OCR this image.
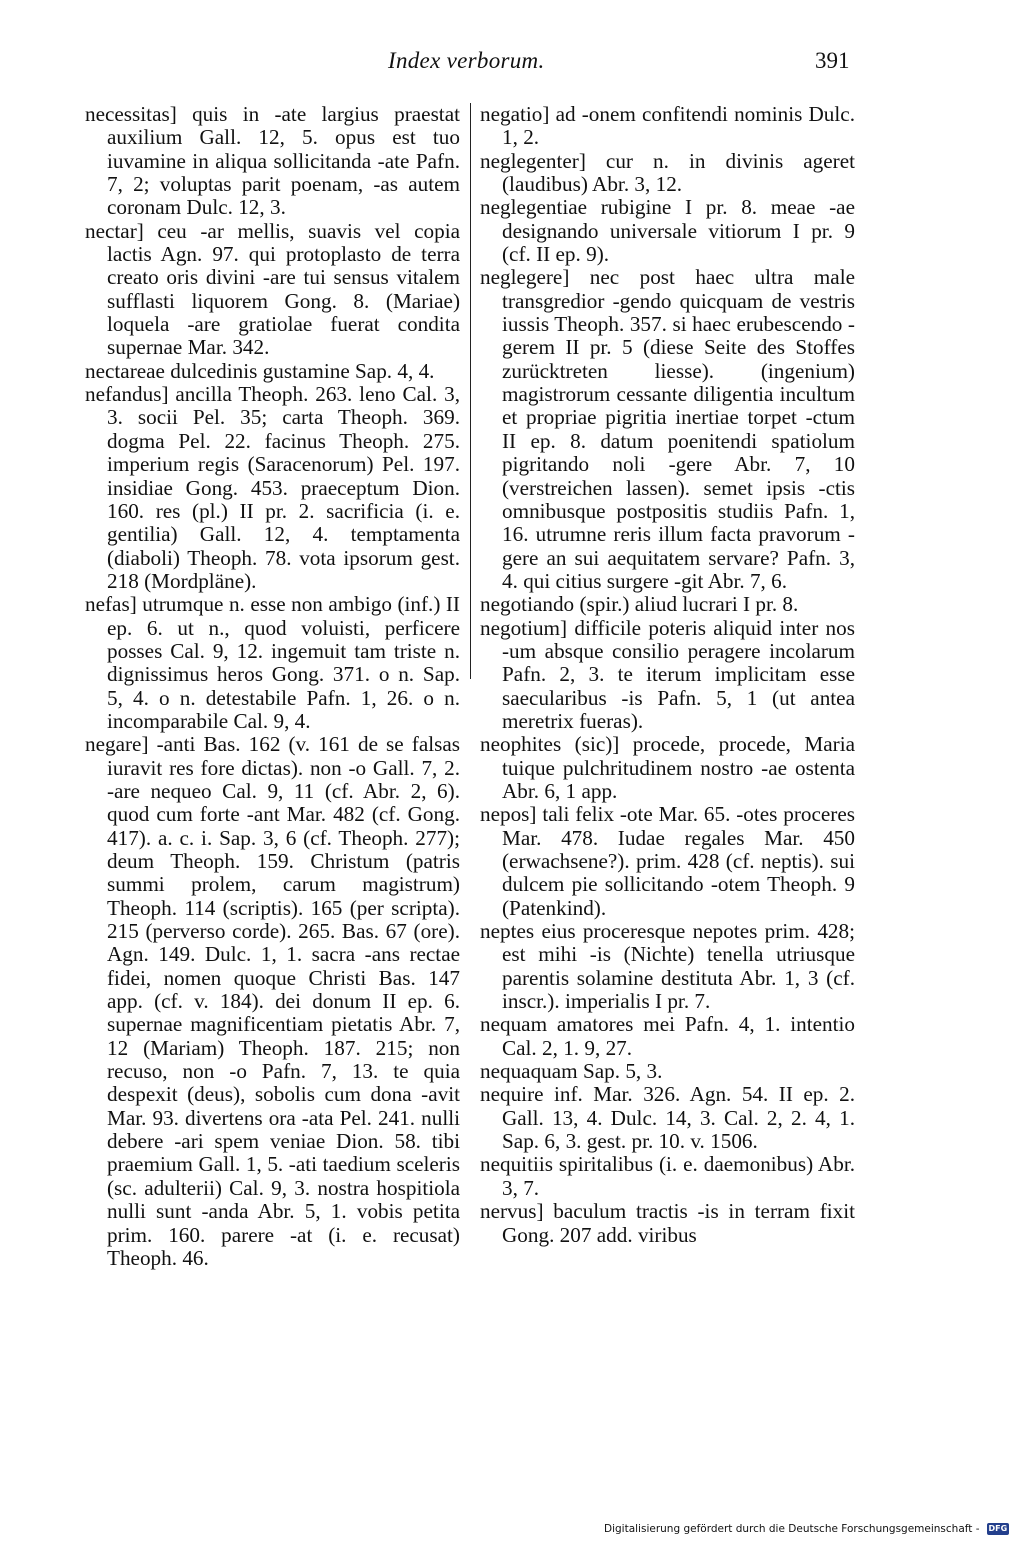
Index verborum.	391

necessitas] quis in -ate largius praestat auxilium Gall. 12, 5. opus est tuo iuvamine in aliqua sollicitanda -ate Pafn. 7, 2; voluptas parit poenam, -as autem coronam Dulc. 12, 3.

nectar] ceu -ar mellis, suavis vel copia lactis Agn. 97. qui protoplasto de terra creato oris divini -are tui sensus vitalem sufflasti liquorem Gong. 8. (Mariae) loquela -are gratiolae fuerat condita supernae Mar. 342.

nectareae dulcedinis gustamine Sap. 4, 4.

nefandus] ancilla Theoph. 263. leno Cal. 3, 3. socii Pel. 35; carta Theoph. 369. dogma Pel. 22. facinus Theoph. 275. imperium regis (Saracenorum) Pel. 197. insidiae Gong. 453. praeceptum Dion. 160. res (pl.) II pr. 2. sacrificia (i. e. gentilia) Gall. 12, 4. temptamenta (diaboli) Theoph. 78. vota ipsorum gest. 218 (Mordpläne).

nefas] utrumque n. esse non ambigo (inf.) II ep. 6. ut n., quod voluisti, perficere posses Cal. 9, 12. ingemuit tam triste n. dignissimus heros Gong. 371. o n. Sap. 5, 4. o n. detestabile Pafn. 1, 26. o n. incomparabile Cal. 9, 4.

negare] -anti Bas. 162 (v. 161 de se falsas iuravit res fore dictas). non -o Gall. 7, 2. -are nequeo Cal. 9, 11 (cf. Abr. 2, 6). quod cum forte -ant Mar. 482 (cf. Gong. 417). a. c. i. Sap. 3, 6 (cf. Theoph. 277); deum Theoph. 159. Christum (patris summi prolem, carum magistrum) Theoph. 114 (scriptis). 165 (per scripta). 215 (perverso corde). 265. Bas. 67 (ore). Agn. 149. Dulc. 1, 1. sacra -ans rectae fidei, nomen quoque Christi Bas. 147 app. (cf. v. 184). dei donum II ep. 6. supernae magnificentiam pietatis Abr. 7, 12 (Mariam) Theoph. 187. 215; non recuso, non -o Pafn. 7, 13. te quia despexit (deus), sobolis cum dona -avit Mar. 93. divertens ora -ata Pel. 241. nulli debere -ari spem veniae Dion. 58. tibi praemium Gall. 1, 5. -ati taedium sceleris (sc. adulterii) Cal. 9, 3. nostra hospitiola nulli sunt -anda Abr. 5, 1. vobis petita prim. 160. parere -at (i. e. recusat) Theoph. 46.

negatio] ad -onem confitendi nominis Dulc. 1, 2.

neglegenter] cur n. in divinis ageret (laudibus) Abr. 3, 12.

neglegentiae rubigine I pr. 8. meae -ae designando universale vitiorum I pr. 9 (cf. II ep. 9).

neglegere] nec post haec ultra male transgredior -gendo quicquam de vestris iussis Theoph. 357. si haec erubescendo -gerem II pr. 5 (diese Seite des Stoffes zurücktreten liesse). (ingenium) magistrorum cessante diligentia incultum et propriae pigritia inertiae torpet -ctum II ep. 8. datum poenitendi spatiolum pigritando noli -gere Abr. 7, 10 (verstreichen lassen). semet ipsis -ctis omnibusque postpositis studiis Pafn. 1, 16. utrumne reris illum facta pravorum -gere an sui aequitatem servare? Pafn. 3, 4. qui citius surgere -git Abr. 7, 6.

negotiando (spir.) aliud lucrari I pr. 8.

negotium] difficile poteris aliquid inter nos -um absque consilio peragere incolarum Pafn. 2, 3. te iterum implicitam esse saecularibus -is Pafn. 5, 1 (ut antea meretrix fueras).

neophites (sic)] procede, procede, Maria tuique pulchritudinem nostro -ae ostenta Abr. 6, 1 app.

nepos] tali felix -ote Mar. 65. -otes proceres Mar. 478. Iudae regales Mar. 450 (erwachsene?). prim. 428 (cf. neptis). sui dulcem pie sollicitando -otem Theoph. 9 (Patenkind).

neptes eius proceresque nepotes prim. 428; est mihi -is (Nichte) tenella utriusque parentis solamine destituta Abr. 1, 3 (cf. inscr.). imperialis I pr. 7.

nequam amatores mei Pafn. 4, 1. intentio Cal. 2, 1. 9, 27.

nequaquam Sap. 5, 3.

nequire inf. Mar. 326. Agn. 54. II ep. 2. Gall. 13, 4. Dulc. 14, 3. Cal. 2, 2. 4, 1. Sap. 6, 3. gest. pr. 10. v. 1506.

nequitiis spiritalibus (i. e. daemonibus) Abr. 3, 7.

nervus] baculum tractis -is in terram fixit Gong. 207 add. viribus

Digitalisierung gefördert durch die Deutsche Forschungsgemeinschaft - DFG
